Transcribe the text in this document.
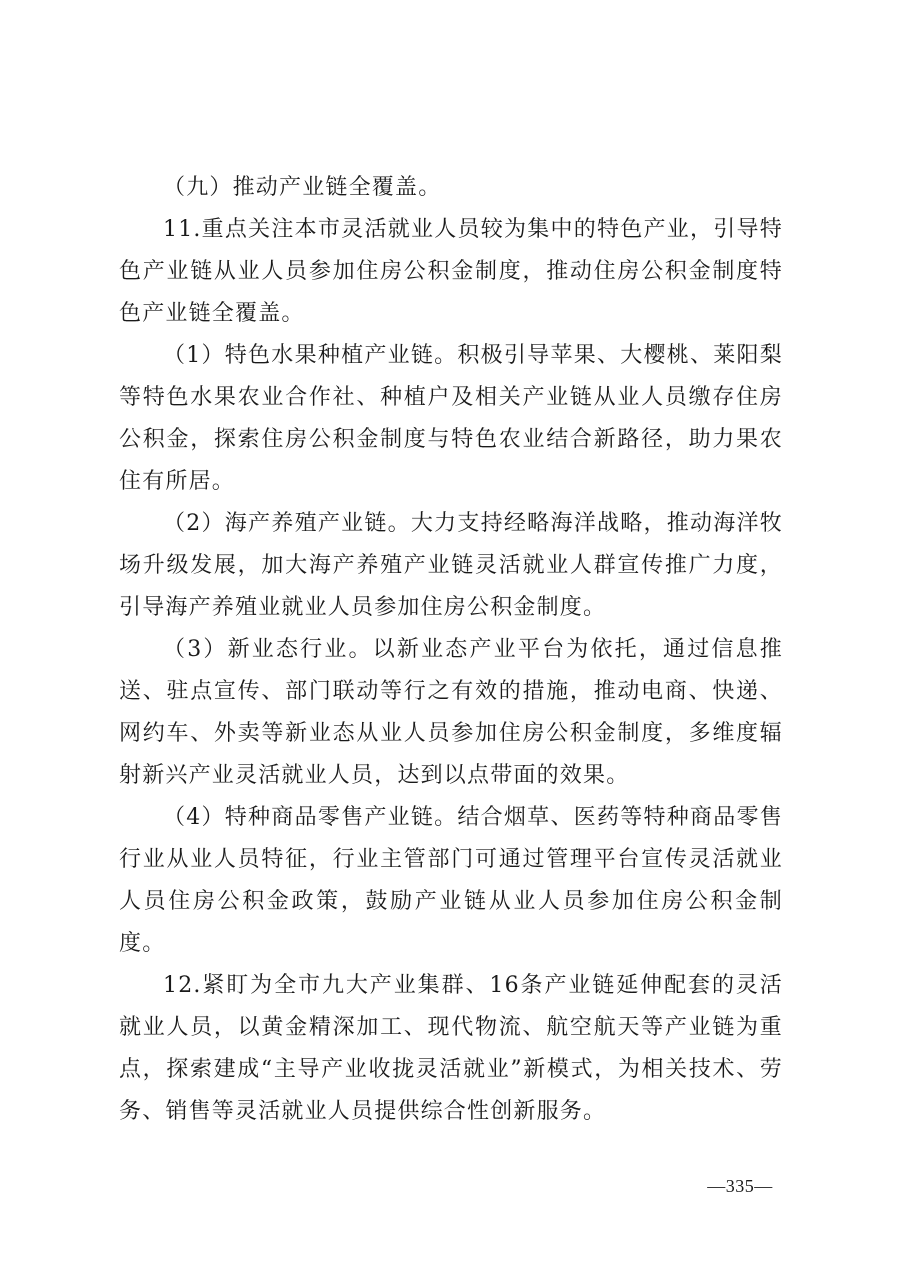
（九）推动产业链全覆盖。

11.重点关注本市灵活就业人员较为集中的特色产业，引导特色产业链从业人员参加住房公积金制度，推动住房公积金制度特色产业链全覆盖。

（1）特色水果种植产业链。积极引导苹果、大樱桃、莱阳梨等特色水果农业合作社、种植户及相关产业链从业人员缴存住房公积金，探索住房公积金制度与特色农业结合新路径，助力果农住有所居。

（2）海产养殖产业链。大力支持经略海洋战略，推动海洋牧场升级发展，加大海产养殖产业链灵活就业人群宣传推广力度，引导海产养殖业就业人员参加住房公积金制度。

（3）新业态行业。以新业态产业平台为依托，通过信息推送、驻点宣传、部门联动等行之有效的措施，推动电商、快递、网约车、外卖等新业态从业人员参加住房公积金制度，多维度辐射新兴产业灵活就业人员，达到以点带面的效果。

（4）特种商品零售产业链。结合烟草、医药等特种商品零售行业从业人员特征，行业主管部门可通过管理平台宣传灵活就业人员住房公积金政策，鼓励产业链从业人员参加住房公积金制度。

12.紧盯为全市九大产业集群、16条产业链延伸配套的灵活就业人员，以黄金精深加工、现代物流、航空航天等产业链为重点，探索建成“主导产业收拢灵活就业”新模式，为相关技术、劳务、销售等灵活就业人员提供综合性创新服务。

—335—
